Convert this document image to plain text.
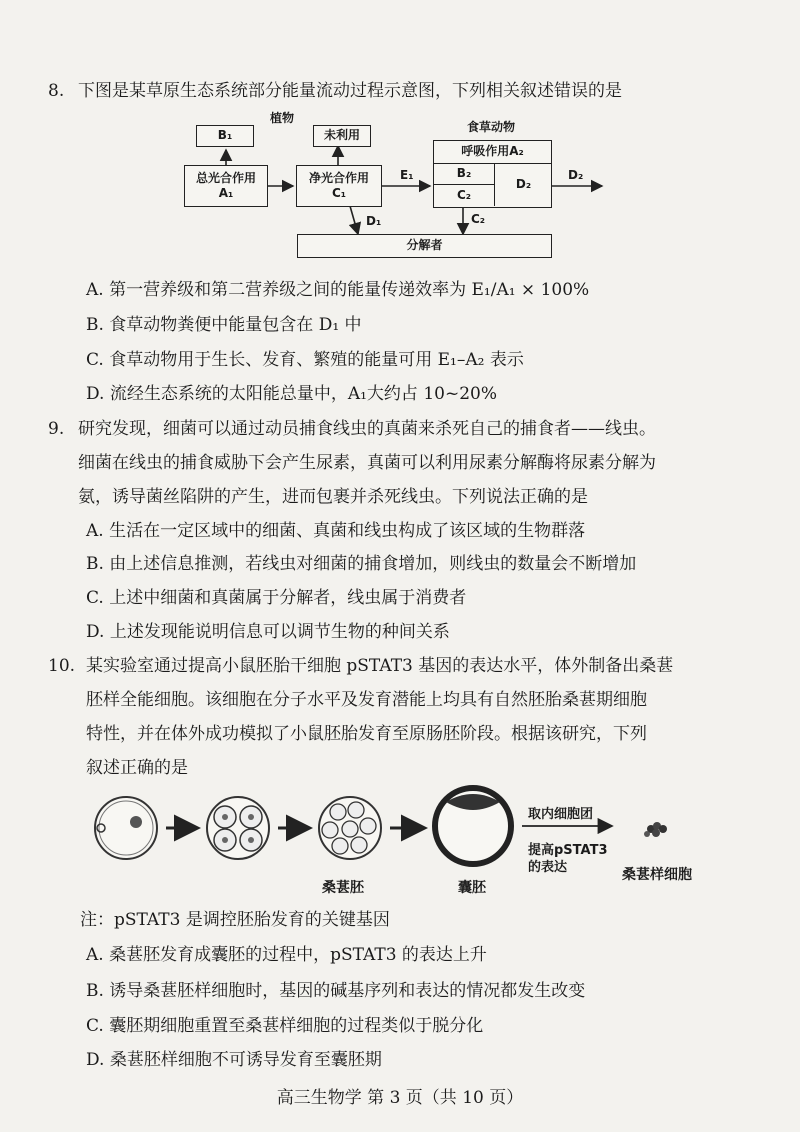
8. 下图是某草原生态系统部分能量流动过程示意图，下列相关叙述错误的是
植物
食草动物
B₁	未利用
总光合作用
A₁
净光合作用
C₁
呼吸作用A₂
B₂
C₂
D₂
E₁
D₁	C₂
D₂
分解者
A. 第一营养级和第二营养级之间的能量传递效率为 E₁/A₁ × 100%
B. 食草动物粪便中能量包含在 D₁ 中
C. 食草动物用于生长、发育、繁殖的能量可用 E₁–A₂ 表示
D. 流经生态系统的太阳能总量中，A₁大约占 10~20%
9. 研究发现，细菌可以通过动员捕食线虫的真菌来杀死自己的捕食者——线虫。
细菌在线虫的捕食威胁下会产生尿素，真菌可以利用尿素分解酶将尿素分解为
氨，诱导菌丝陷阱的产生，进而包裹并杀死线虫。下列说法正确的是
A. 生活在一定区域中的细菌、真菌和线虫构成了该区域的生物群落
B. 由上述信息推测，若线虫对细菌的捕食增加，则线虫的数量会不断增加
C. 上述中细菌和真菌属于分解者，线虫属于消费者
D. 上述发现能说明信息可以调节生物的种间关系
10. 某实验室通过提高小鼠胚胎干细胞 pSTAT3 基因的表达水平，体外制备出桑葚
胚样全能细胞。该细胞在分子水平及发育潜能上均具有自然胚胎桑葚期细胞
特性，并在体外成功模拟了小鼠胚胎发育至原肠胚阶段。根据该研究，下列
叙述正确的是
桑葚胚	囊胚
取内细胞团
提高pSTAT3
的表达	桑葚样细胞
注：pSTAT3 是调控胚胎发育的关键基因
A. 桑葚胚发育成囊胚的过程中，pSTAT3 的表达上升
B. 诱导桑葚胚样细胞时，基因的碱基序列和表达的情况都发生改变
C. 囊胚期细胞重置至桑葚样细胞的过程类似于脱分化
D. 桑葚胚样细胞不可诱导发育至囊胚期
高三生物学 第 3 页（共 10 页）
